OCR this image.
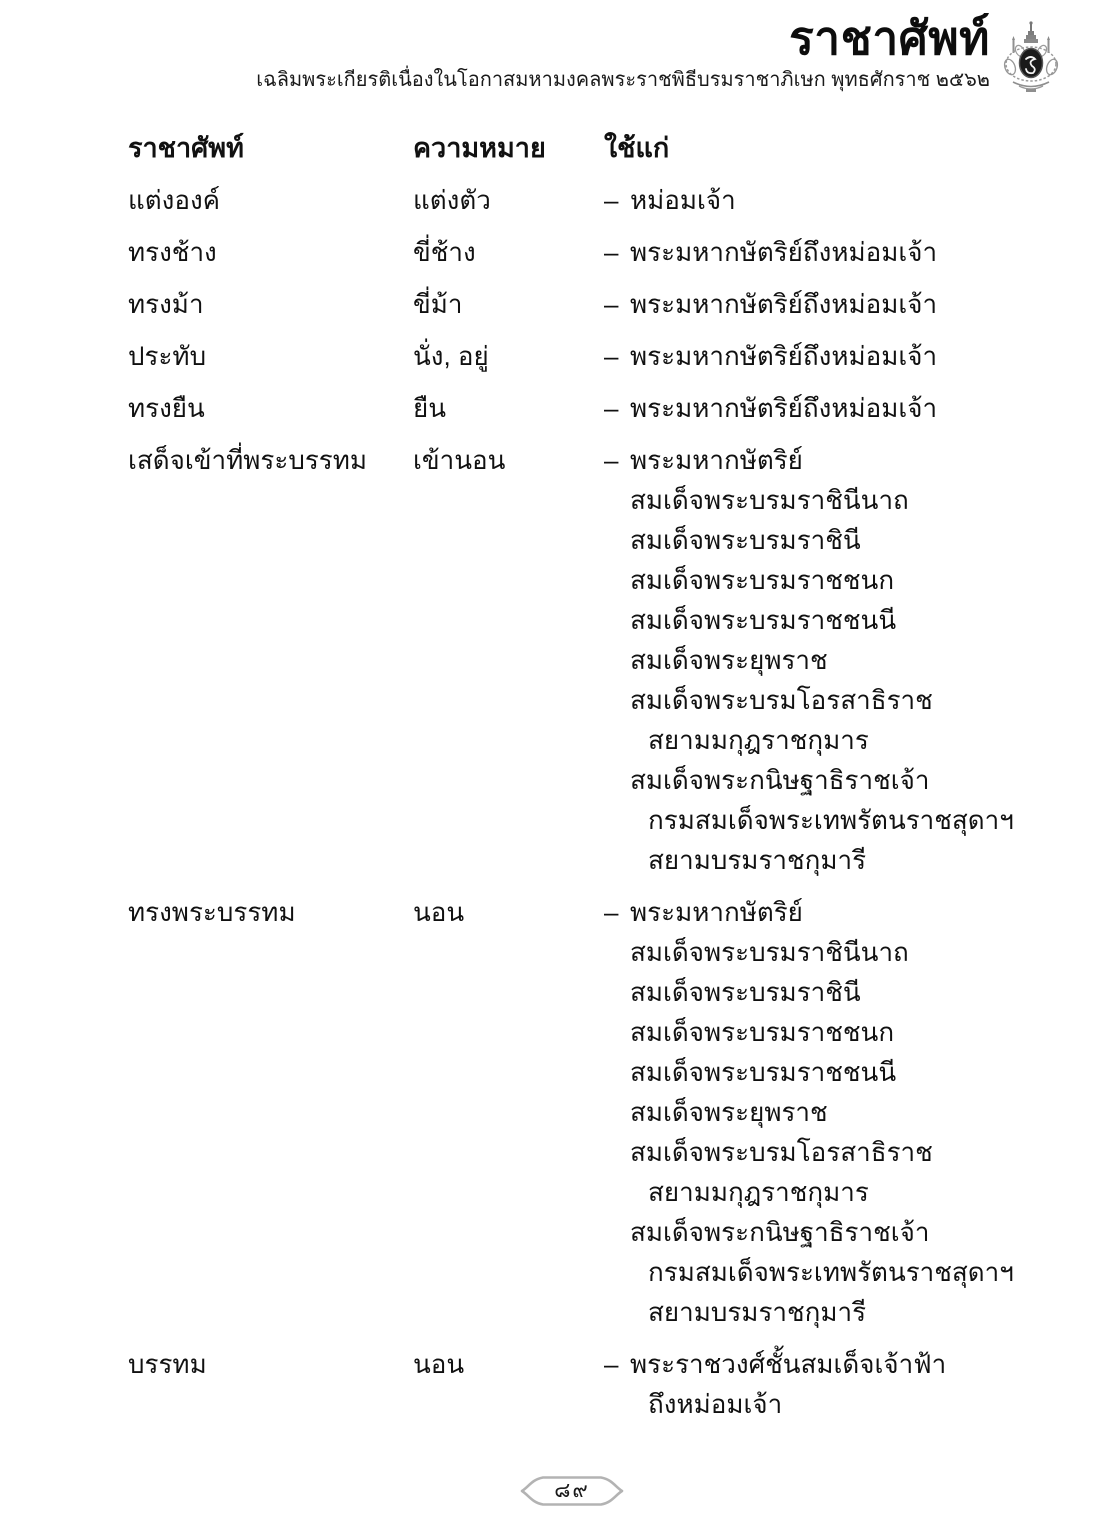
ราชาศัพท์
เฉลิมพระเกียรติเนื่องในโอกาสมหามงคลพระราชพิธีบรมราชาภิเษก พุทธศักราช ๒๕๖๒
ราชาศัพท์	ความหมาย	ใช้แก่
แต่งองค์	แต่งตัว	– หม่อมเจ้า
ทรงช้าง	ขี่ช้าง	– พระมหากษัตริย์ถึงหม่อมเจ้า
ทรงม้า	ขี่ม้า	– พระมหากษัตริย์ถึงหม่อมเจ้า
ประทับ	นั่ง, อยู่	– พระมหากษัตริย์ถึงหม่อมเจ้า
ทรงยืน	ยืน	– พระมหากษัตริย์ถึงหม่อมเจ้า
เสด็จเข้าที่พระบรรทม	เข้านอน	– พระมหากษัตริย์
สมเด็จพระบรมราชินีนาถ
สมเด็จพระบรมราชินี
สมเด็จพระบรมราชชนก
สมเด็จพระบรมราชชนนี
สมเด็จพระยุพราช
สมเด็จพระบรมโอรสาธิราช
สยามมกุฎราชกุมาร
สมเด็จพระกนิษฐาธิราชเจ้า
กรมสมเด็จพระเทพรัตนราชสุดาฯ
สยามบรมราชกุมารี
ทรงพระบรรทม	นอน	– พระมหากษัตริย์
สมเด็จพระบรมราชินีนาถ
สมเด็จพระบรมราชินี
สมเด็จพระบรมราชชนก
สมเด็จพระบรมราชชนนี
สมเด็จพระยุพราช
สมเด็จพระบรมโอรสาธิราช
สยามมกุฎราชกุมาร
สมเด็จพระกนิษฐาธิราชเจ้า
กรมสมเด็จพระเทพรัตนราชสุดาฯ
สยามบรมราชกุมารี
บรรทม	นอน	– พระราชวงศ์ชั้นสมเด็จเจ้าฟ้า
ถึงหม่อมเจ้า
๘๙
